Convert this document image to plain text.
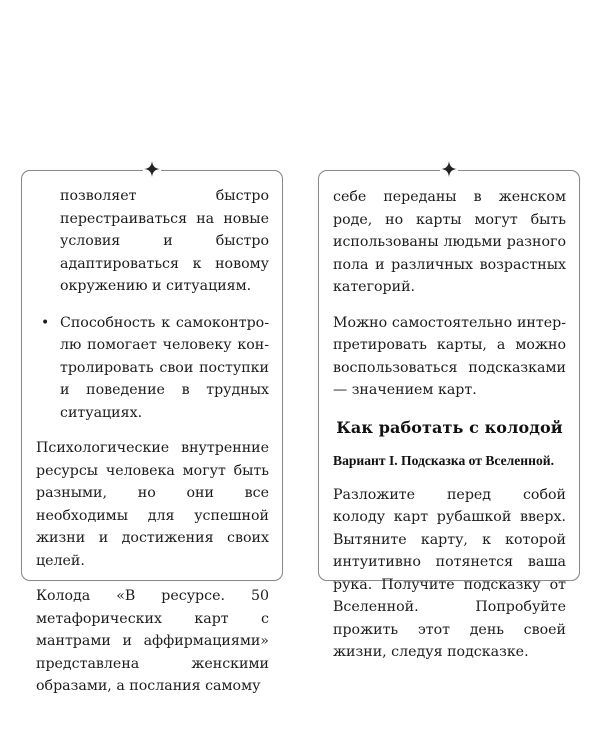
позволяет быстро перестраиваться на новые условия и быстро адаптироваться к новому окружению и ситуациям.

• Способность к самоконтролю помогает человеку контролировать свои поступки и поведение в трудных ситуациях.

Психологические внутренние ресурсы человека могут быть разными, но они все необходимы для успешной жизни и достижения своих целей.

Колода «В ресурсе. 50 метафорических карт с мантрами и аффирмациями» представлена женскими образами, а послания самому

себе переданы в женском роде, но карты могут быть использованы людьми разного пола и различных возрастных категорий.

Можно самостоятельно интерпретировать карты, а можно воспользоваться подсказками — значением карт.

Как работать с колодой

Вариант I. Подсказка от Вселенной.

Разложите перед собой колоду карт рубашкой вверх. Вытяните карту, к которой интуитивно потянется ваша рука. Получите подсказку от Вселенной. Попробуйте прожить этот день своей жизни, следуя подсказке.
